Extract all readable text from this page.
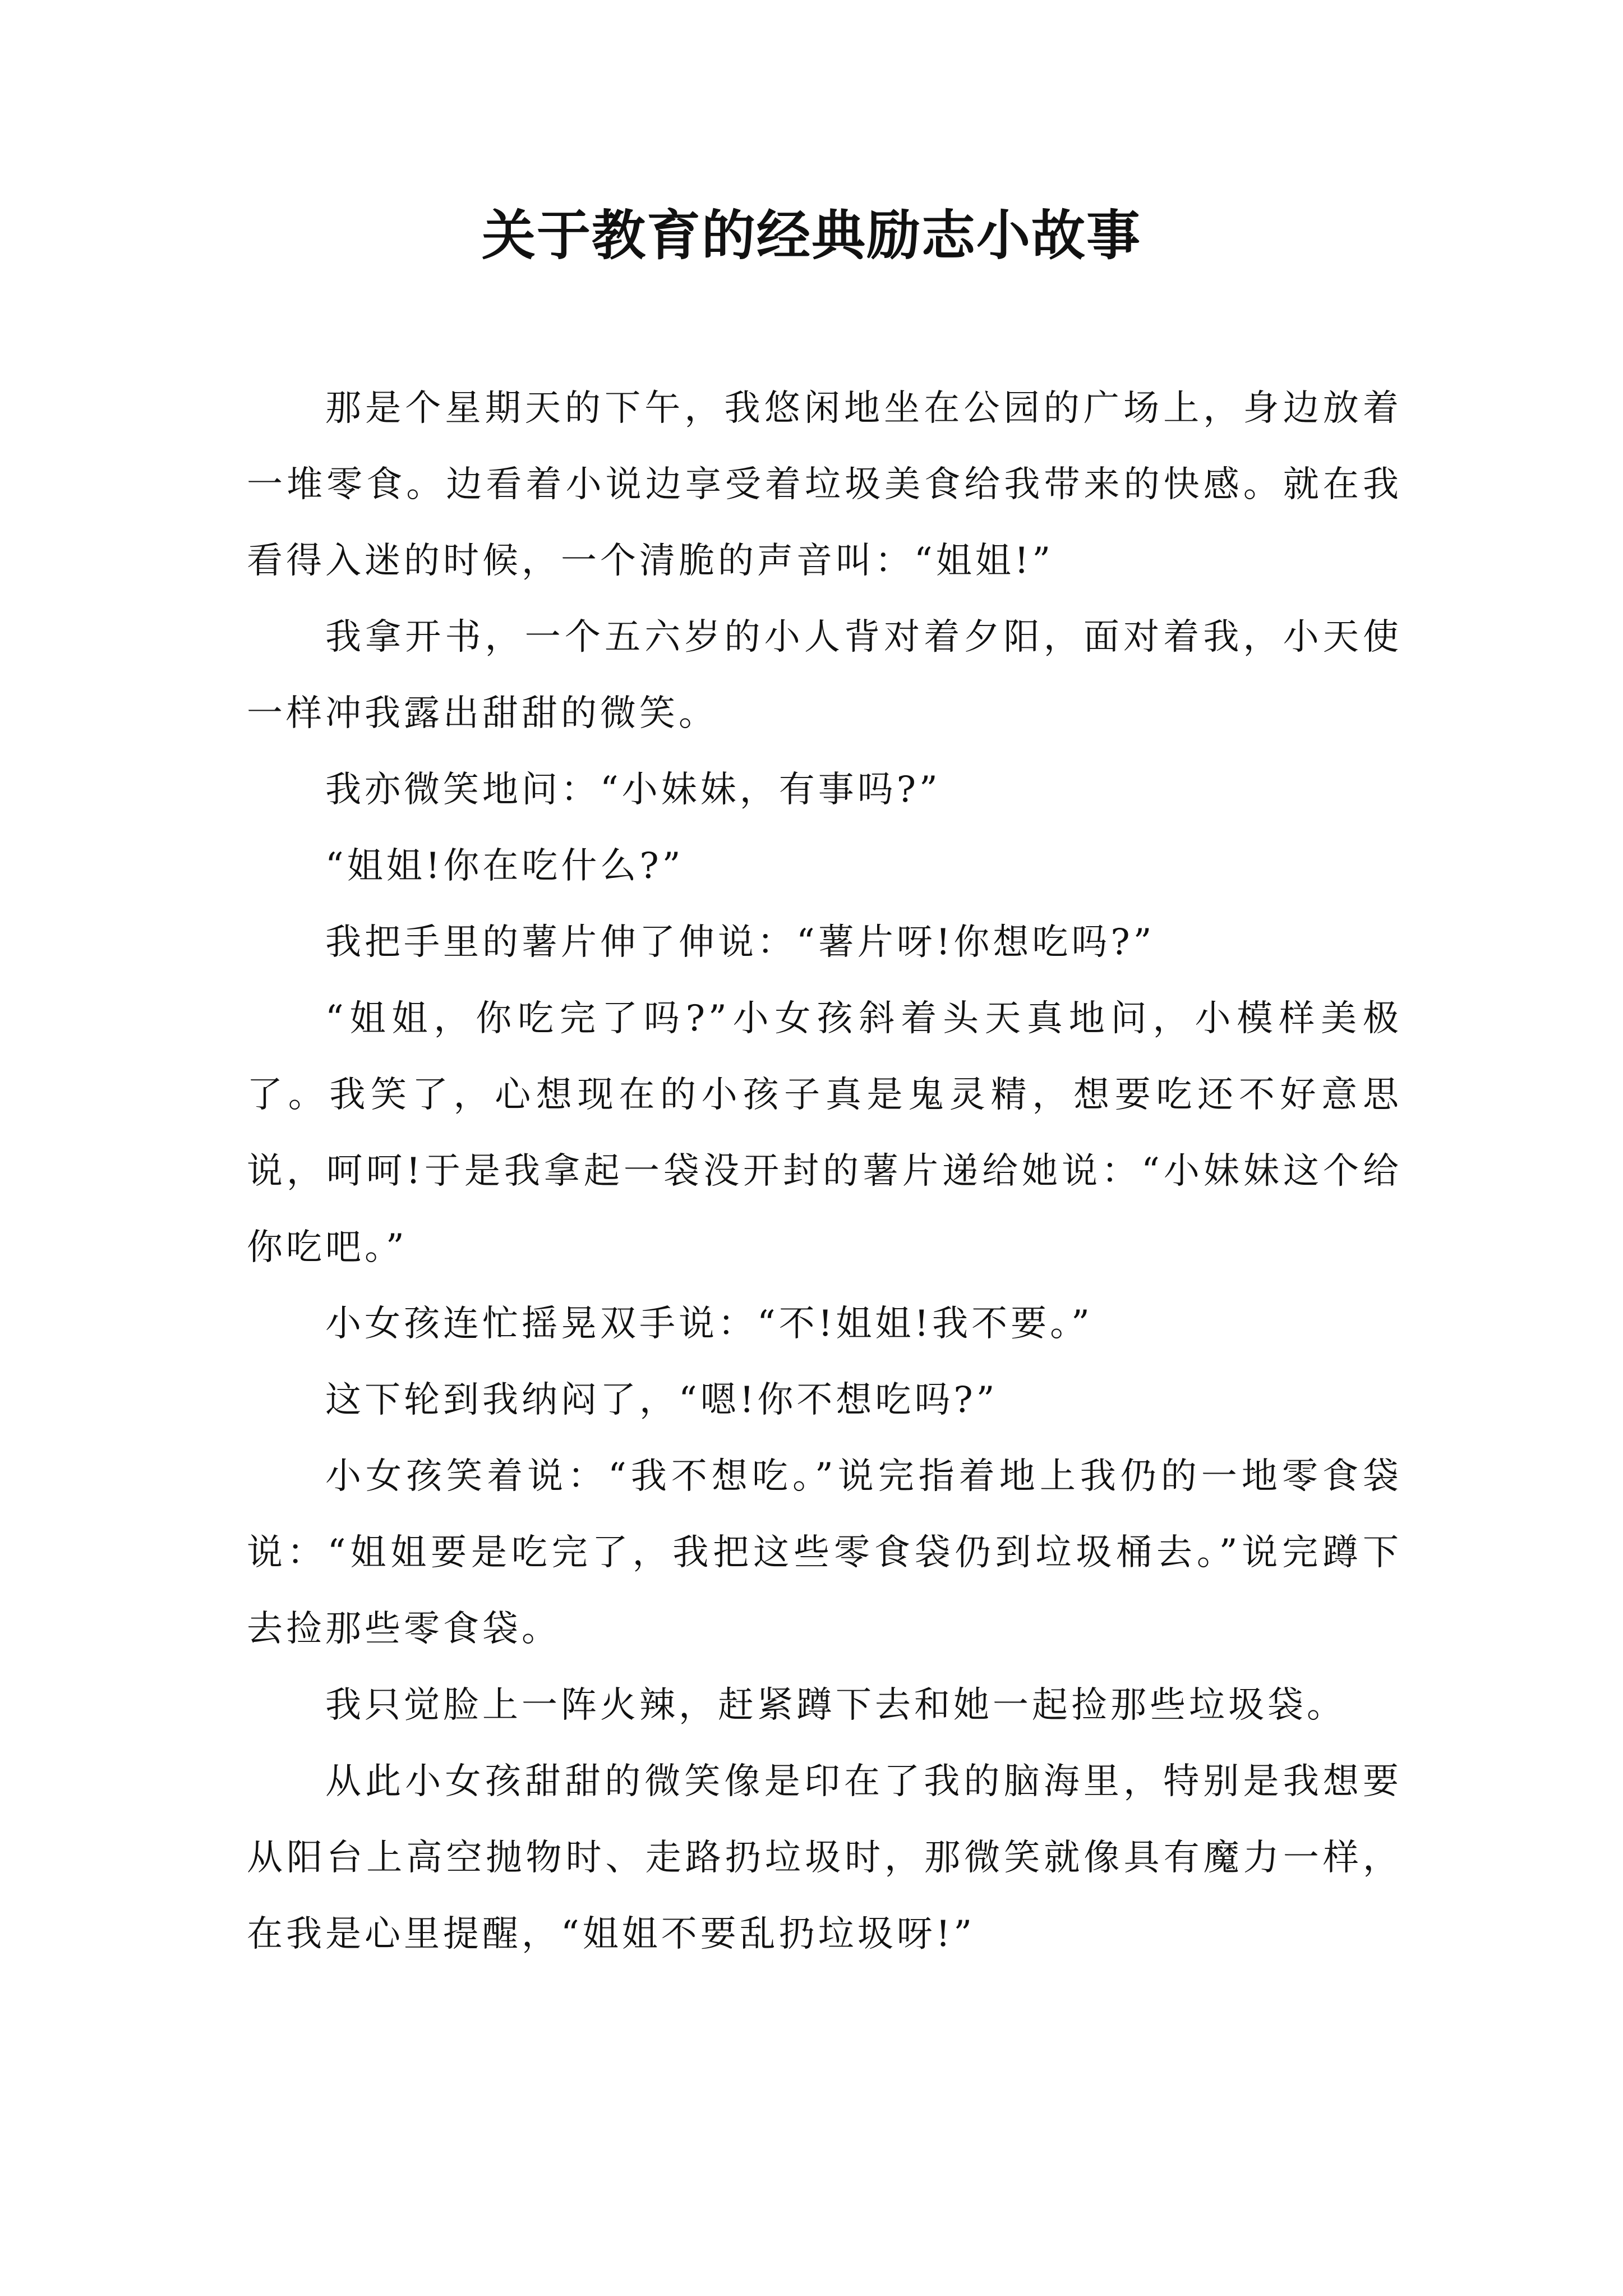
关于教育的经典励志小故事

那是个星期天的下午，我悠闲地坐在公园的广场上，身边放着一堆零食。边看着小说边享受着垃圾美食给我带来的快感。就在我看得入迷的时候，一个清脆的声音叫：“姐姐!”

我拿开书，一个五六岁的小人背对着夕阳，面对着我，小天使一样冲我露出甜甜的微笑。

我亦微笑地问：“小妹妹，有事吗?”

“姐姐!你在吃什么?”

我把手里的薯片伸了伸说：“薯片呀!你想吃吗?”

“姐姐，你吃完了吗?”小女孩斜着头天真地问，小模样美极了。我笑了，心想现在的小孩子真是鬼灵精，想要吃还不好意思说，呵呵!于是我拿起一袋没开封的薯片递给她说：“小妹妹这个给你吃吧。”

小女孩连忙摇晃双手说：“不!姐姐!我不要。”

这下轮到我纳闷了，“嗯!你不想吃吗?”

小女孩笑着说：“我不想吃。”说完指着地上我仍的一地零食袋说：“姐姐要是吃完了，我把这些零食袋仍到垃圾桶去。”说完蹲下去捡那些零食袋。

我只觉脸上一阵火辣，赶紧蹲下去和她一起捡那些垃圾袋。

从此小女孩甜甜的微笑像是印在了我的脑海里，特别是我想要从阳台上高空抛物时、走路扔垃圾时，那微笑就像具有魔力一样，在我是心里提醒，“姐姐不要乱扔垃圾呀!”
